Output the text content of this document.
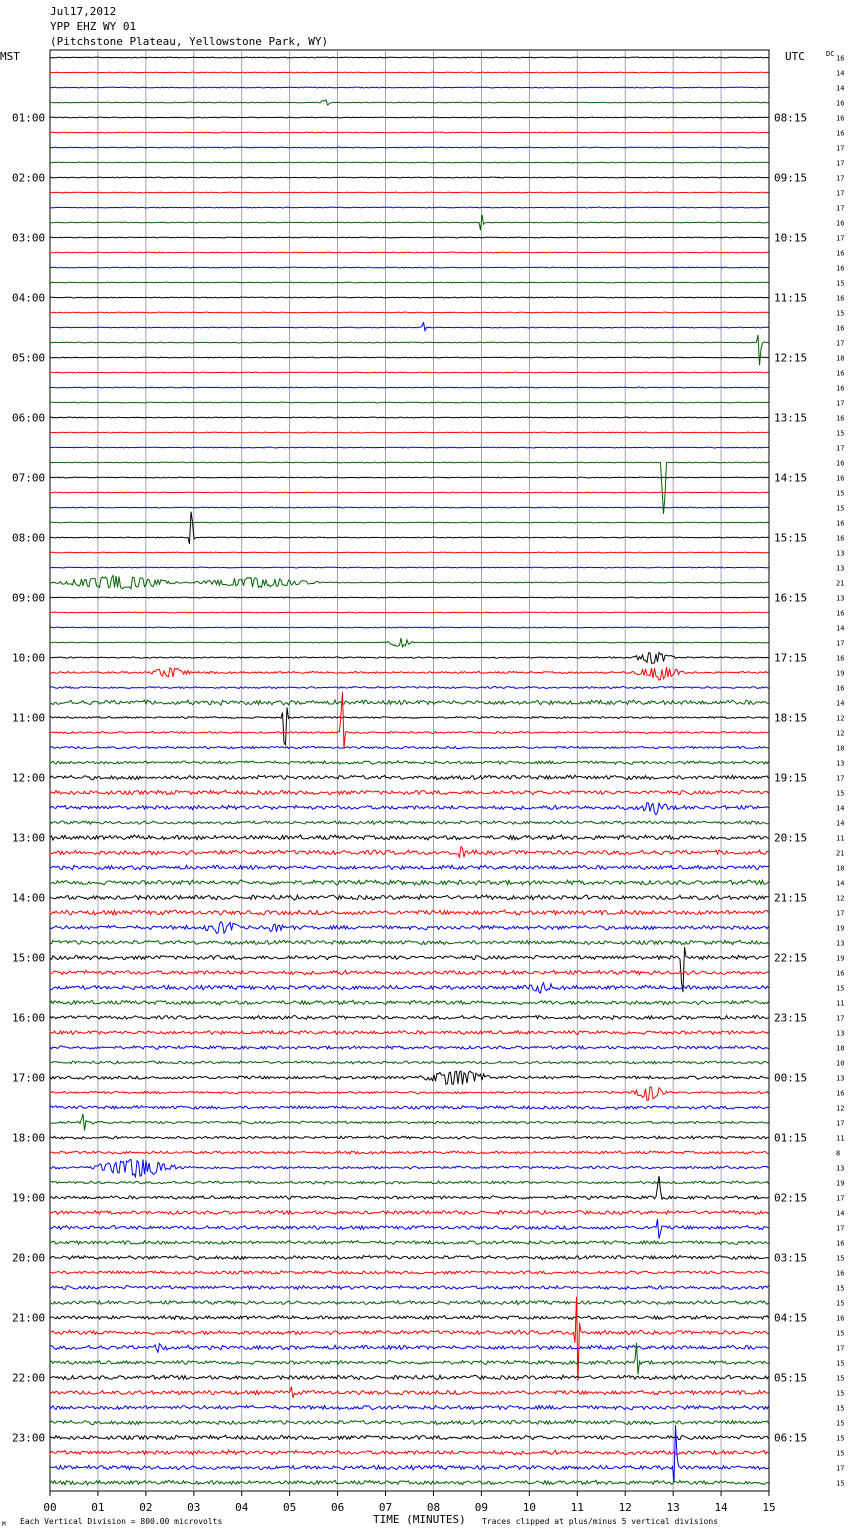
Jul17,2012
YPP EHZ WY 01
(Pitchstone Plateau, Yellowstone Park, WY)
MST	UTC	DC
TIME (MINUTES)
Each Vertical Division = 800.00 microvolts	Traces clipped at plus/minus 5 vertical divisions
M
00	01	02	03	04	05	06	07	08	09	10	11	12	13	14	15
16
14
14
16
16
16
17
17
17
17
17
16
17
16
16
15
16
15
16
17
18
16
16
17
16
15
17
16
16
15
15
16
16
13
13
21
13
16
14
17
16
19
16
14
12
12
18
13
17
15
14
14
11
21
18
14
12
17
19
13
19
16
15
11
17
13
18
10
13
16
12
17
11
8
13
19
17
14
17
16
15
16
15
15
16
15
17
15
15
15
15
15
15
15
17
15
01:00
02:00
03:00
04:00
05:00
06:00
07:00
08:00
09:00
10:00
11:00
12:00
13:00
14:00
15:00
16:00
17:00
18:00
19:00
20:00
21:00
22:00
23:00
08:15
09:15
10:15
11:15
12:15
13:15
14:15
15:15
16:15
17:15
18:15
19:15
20:15
21:15
22:15
23:15
00:15
01:15
02:15
03:15
04:15
05:15
06:15
